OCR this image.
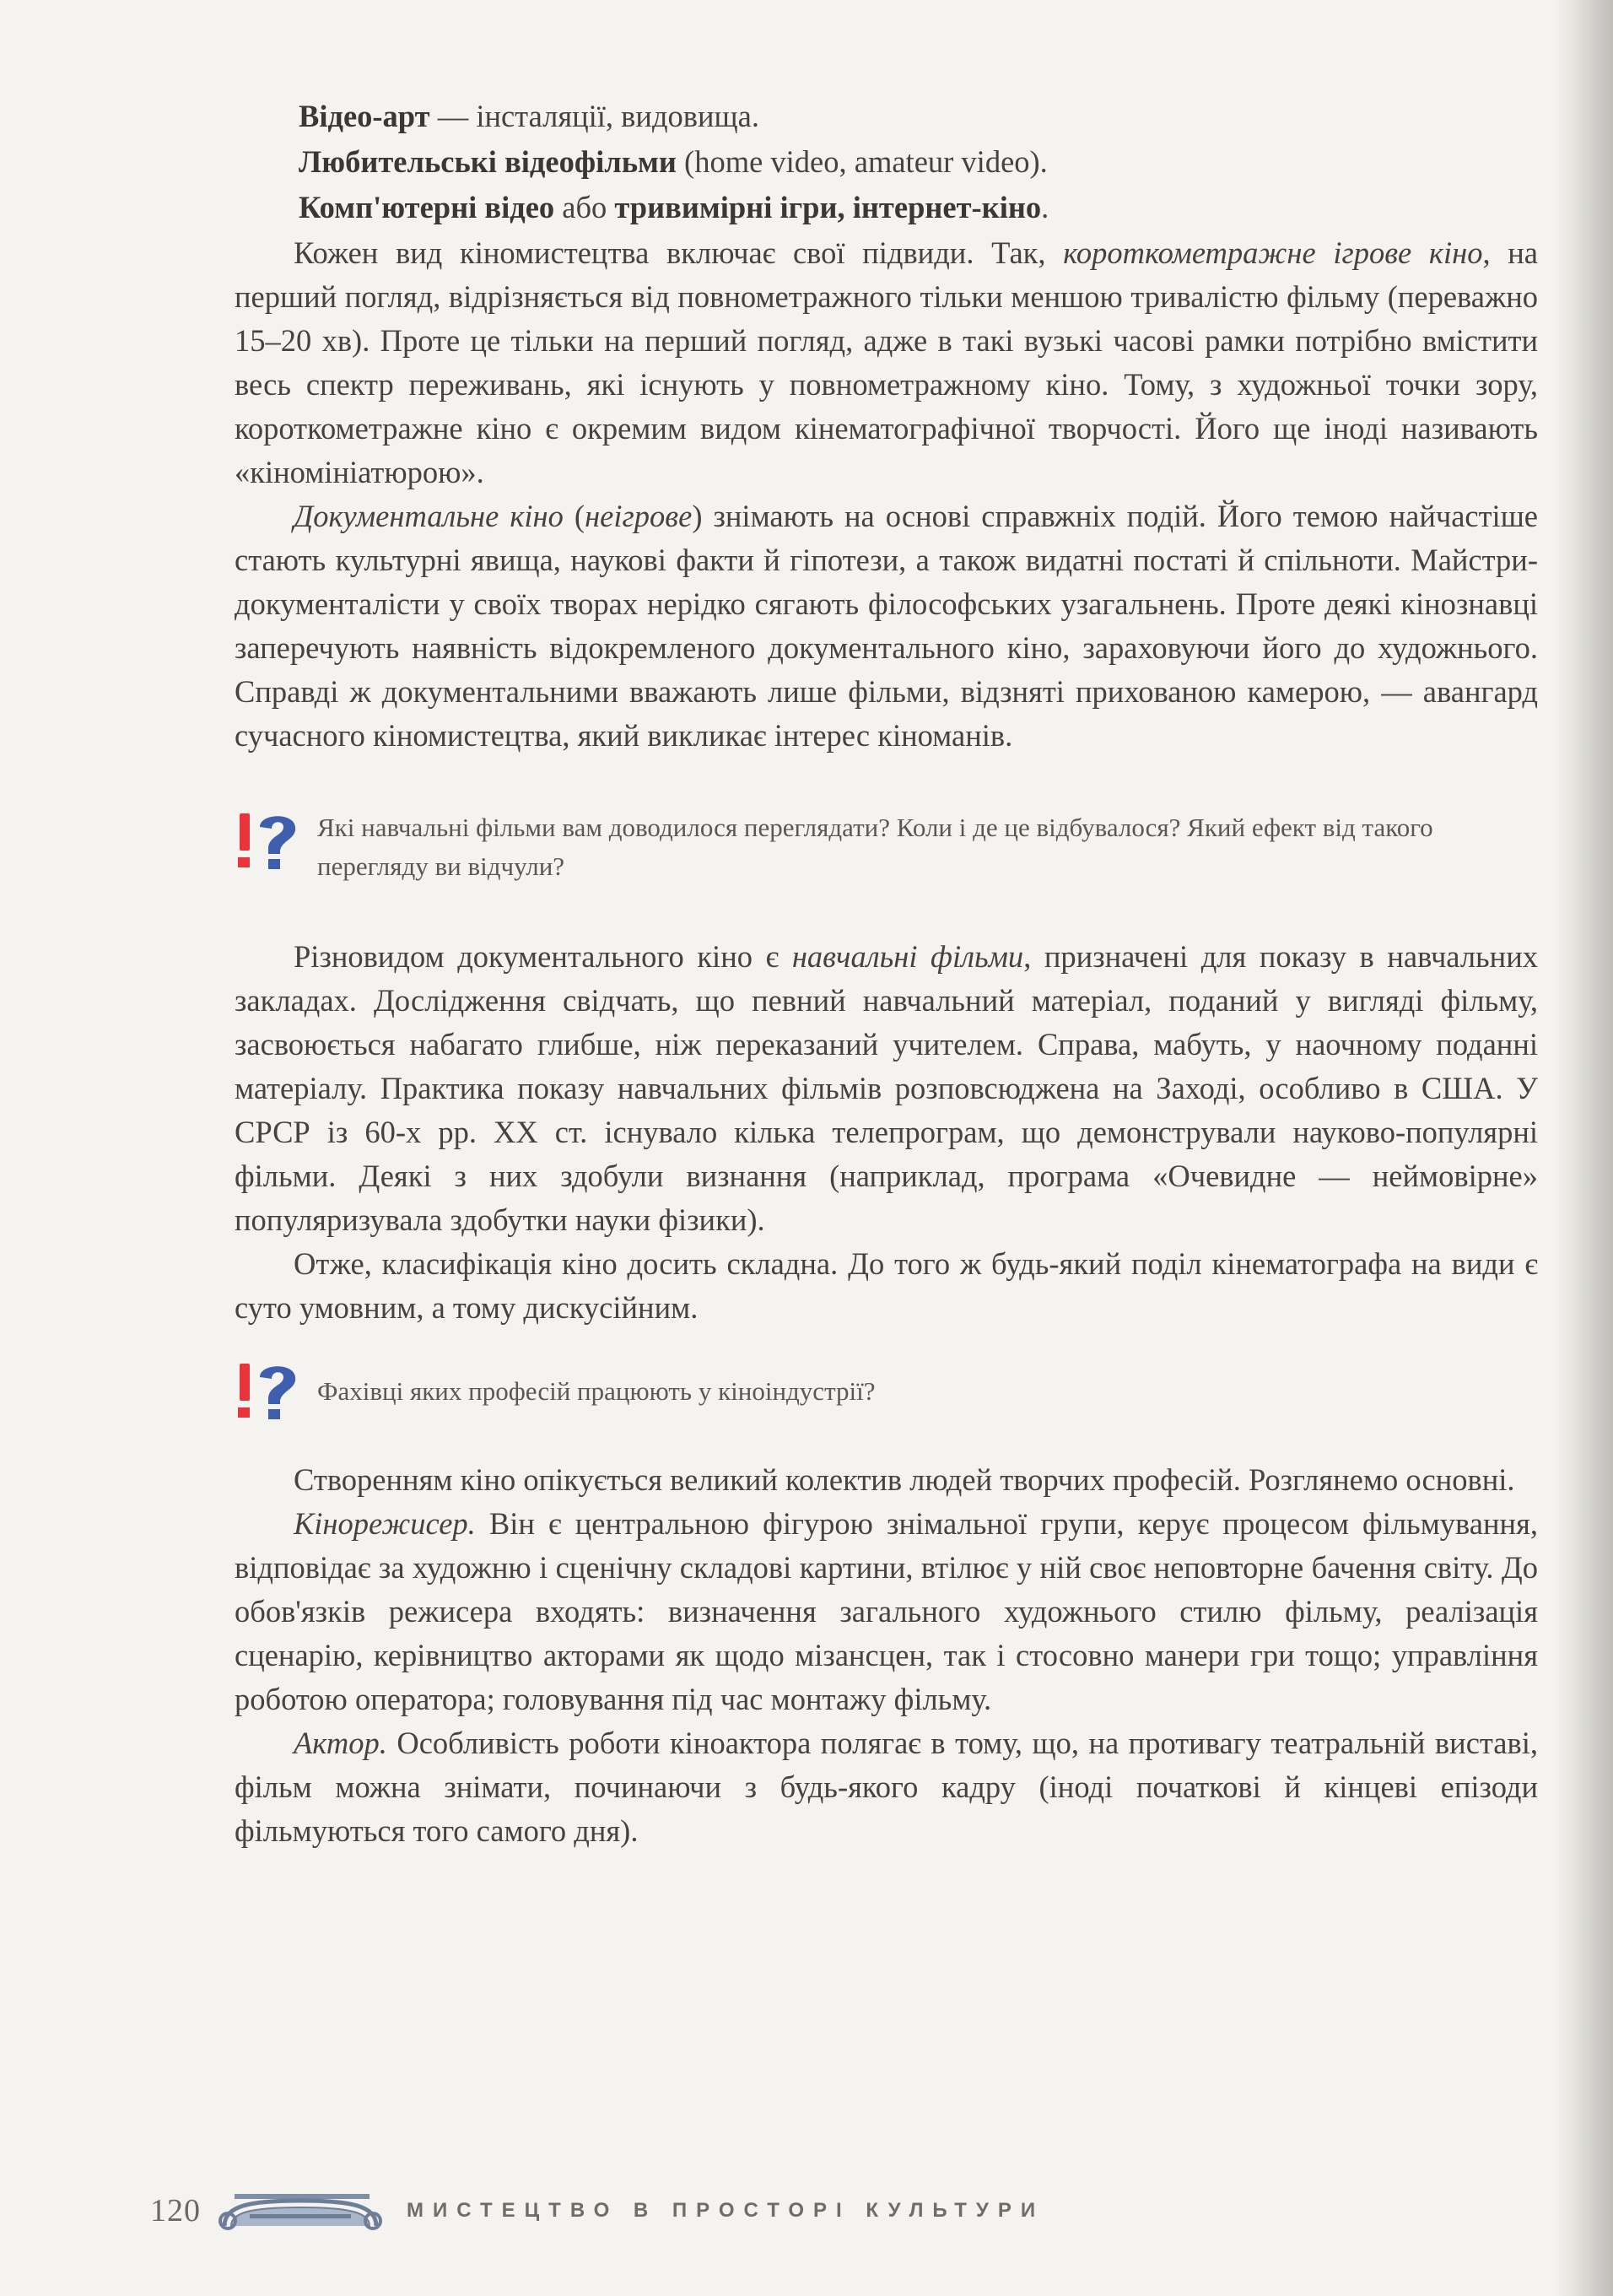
Відео-арт — інсталяції, видовища.

Любительські відеофільми (home video, amateur video).

Комп'ютерні відео або тривимірні ігри, інтернет-кіно.

Кожен вид кіномистецтва включає свої підвиди. Так, короткометражне ігрове кіно, на перший погляд, відрізняється від повнометражного тільки меншою тривалістю фільму (переважно 15–20 хв). Проте це тільки на перший погляд, адже в такі вузькі часові рамки потрібно вмістити весь спектр переживань, які існують у повнометражному кіно. Тому, з художньої точки зору, короткометражне кіно є окремим видом кінематографічної творчості. Його ще іноді називають «кіномініатюрою».

Документальне кіно (неігрове) знімають на основі справжніх подій. Його темою найчастіше стають культурні явища, наукові факти й гіпотези, а також видатні постаті й спільноти. Майстри-документалісти у своїх творах нерідко сягають філософських узагальнень. Проте деякі кінознавці заперечують наявність відокремленого документального кіно, зараховуючи його до художнього. Справді ж документальними вважають лише фільми, відзняті прихованою камерою, — авангард сучасного кіномистецтва, який викликає інтерес кіноманів.

Які навчальні фільми вам доводилося переглядати? Коли і де це відбувалося? Який ефект від такого перегляду ви відчули?

Різновидом документального кіно є навчальні фільми, призначені для показу в навчальних закладах. Дослідження свідчать, що певний навчальний матеріал, поданий у вигляді фільму, засвоюється набагато глибше, ніж переказаний учителем. Справа, мабуть, у наочному поданні матеріалу. Практика показу навчальних фільмів розповсюджена на Заході, особливо в США. У СРСР із 60-х рр. XX ст. існувало кілька телепрограм, що демонстрували науково-популярні фільми. Деякі з них здобули визнання (наприклад, програма «Очевидне — неймовірне» популяризувала здобутки науки фізики).

Отже, класифікація кіно досить складна. До того ж будь-який поділ кінематографа на види є суто умовним, а тому дискусійним.

Фахівці яких професій працюють у кіноіндустрії?

Створенням кіно опікується великий колектив людей творчих професій. Розглянемо основні.

Кінорежисер. Він є центральною фігурою знімальної групи, керує процесом фільмування, відповідає за художню і сценічну складові картини, втілює у ній своє неповторне бачення світу. До обов'язків режисера входять: визначення загального художнього стилю фільму, реалізація сценарію, керівництво акторами як щодо мізансцен, так і стосовно манери гри тощо; управління роботою оператора; головування під час монтажу фільму.

Актор. Особливість роботи кіноактора полягає в тому, що, на противагу театральній виставі, фільм можна знімати, починаючи з будь-якого кадру (іноді початкові й кінцеві епізоди фільмуються того самого дня).

120	МИСТЕЦТВО В ПРОСТОРІ КУЛЬТУРИ
